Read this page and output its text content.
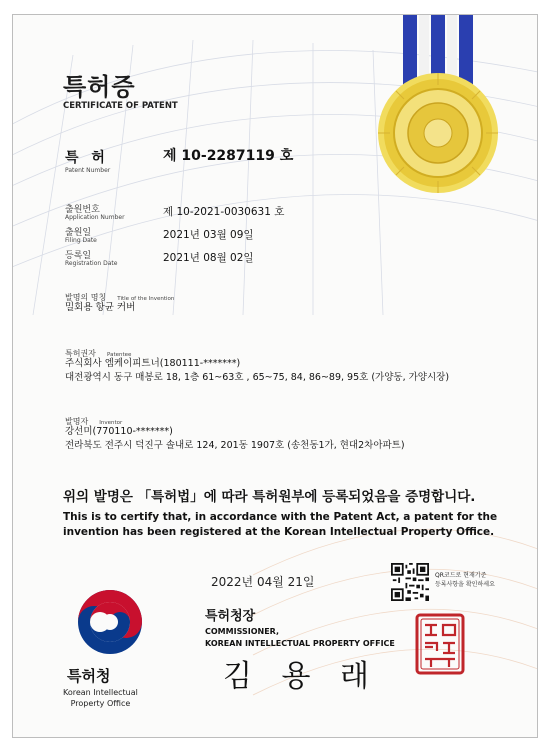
특허증
CERTIFICATE OF PATENT
특 허
Patent Number
제 10-2287119 호
출원번호
Application Number	제 10-2021-0030631 호
출원일
Filing Date	2021년 03월 09일
등록일
Registration Date	2021년 08월 02일
발명의 명칭 Title of the Invention
밀회용 항균 커버
특허권자 Patentee
주식회사 엠케이피트너(180111-*******)
대전광역시 동구 매봉로 18, 1층 61~63호 , 65~75, 84, 86~89, 95호 (가양동, 가양시장)
발명자 Inventor
강선미(770110-*******)
전라북도 전주시 덕진구 솔내로 124, 201동 1907호 (송천동1가, 현대2차아파트)
위의 발명은 「특허법」에 따라 특허원부에 등록되었음을 증명합니다.
This is to certify that, in accordance with the Patent Act, a patent for the invention has been registered at the Korean Intellectual Property Office.
2022년 04월 21일	QR코드로 현재기준
등록사항을 확인하세요
특허청장
COMMISSIONER,
KOREAN INTELLECTUAL PROPERTY OFFICE
김 용 래
특허청
Korean Intellectual
Property Office
